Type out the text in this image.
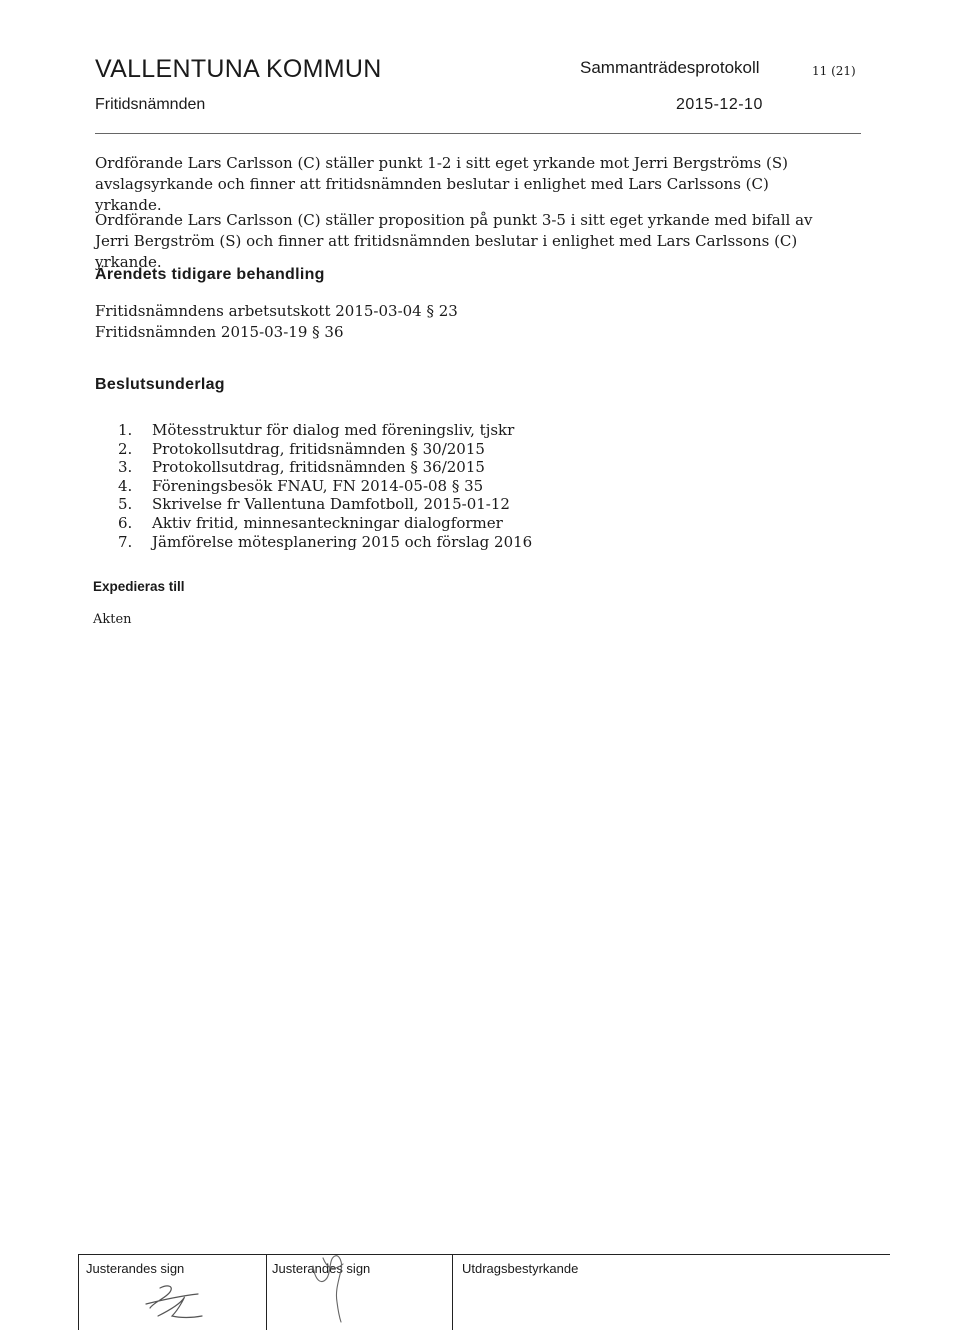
VALLENTUNA KOMMUN	Sammanträdesprotokoll	11 (21)
Fritidsnämnden	2015-12-10
Ordförande Lars Carlsson (C) ställer punkt 1-2 i sitt eget yrkande mot Jerri Bergströms (S) avslagsyrkande och finner att fritidsnämnden beslutar i enlighet med Lars Carlssons (C) yrkande.
Ordförande Lars Carlsson (C) ställer proposition på punkt 3-5 i sitt eget yrkande med bifall av Jerri Bergström (S) och finner att fritidsnämnden beslutar i enlighet med Lars Carlssons (C) yrkande.
Ärendets tidigare behandling
Fritidsnämndens arbetsutskott 2015-03-04 § 23
Fritidsnämnden 2015-03-19 § 36
Beslutsunderlag
1.	Mötesstruktur för dialog med föreningsliv, tjskr
2.	Protokollsutdrag, fritidsnämnden § 30/2015
3.	Protokollsutdrag, fritidsnämnden § 36/2015
4.	Föreningsbesök FNAU, FN 2014-05-08 § 35
5.	Skrivelse fr Vallentuna Damfotboll, 2015-01-12
6.	Aktiv fritid, minnesanteckningar dialogformer
7.	Jämförelse mötesplanering 2015 och förslag 2016
Expedieras till
Akten
Justerandes sign	Justerandes sign	Utdragsbestyrkande
